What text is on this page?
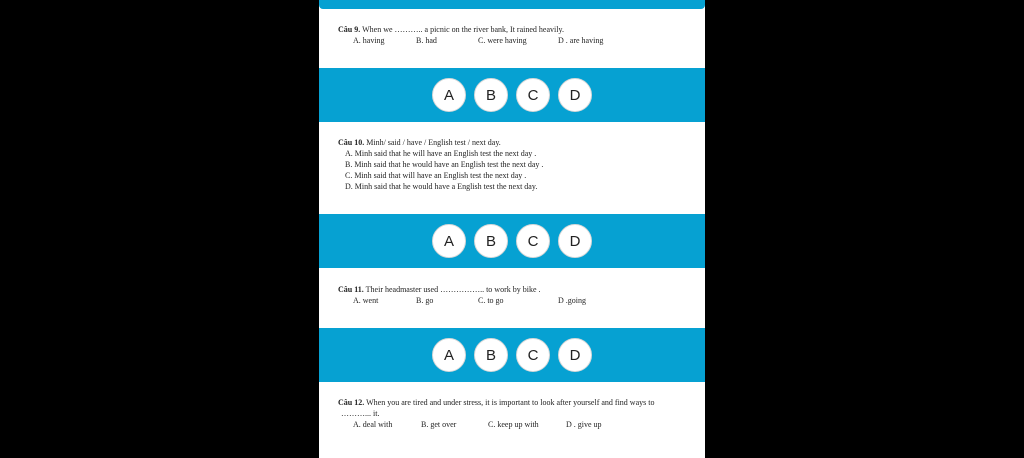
Câu 9. When we ……….. a picnic on the river bank, It rained heavily.
A. having	B. had	C. were having	D . are having
A	B	C	D
Câu 10. Minh/ said / have / English test / next day.
A. Minh said that he will have an English test the next day .
B. Minh said that he would have an English test the next day .
C. Minh said that will have an English test the next day .
D. Minh said that he would have a English test the next day.
A	B	C	D
Câu 11. Their headmaster used …………….. to work by bike .
A. went	B. go	C. to go	D .going
A	B	C	D
Câu 12. When you are tired and under stress, it is important to look after yourself and find ways to
………... it.
A. deal with	B. get over	C. keep up with	D . give up
